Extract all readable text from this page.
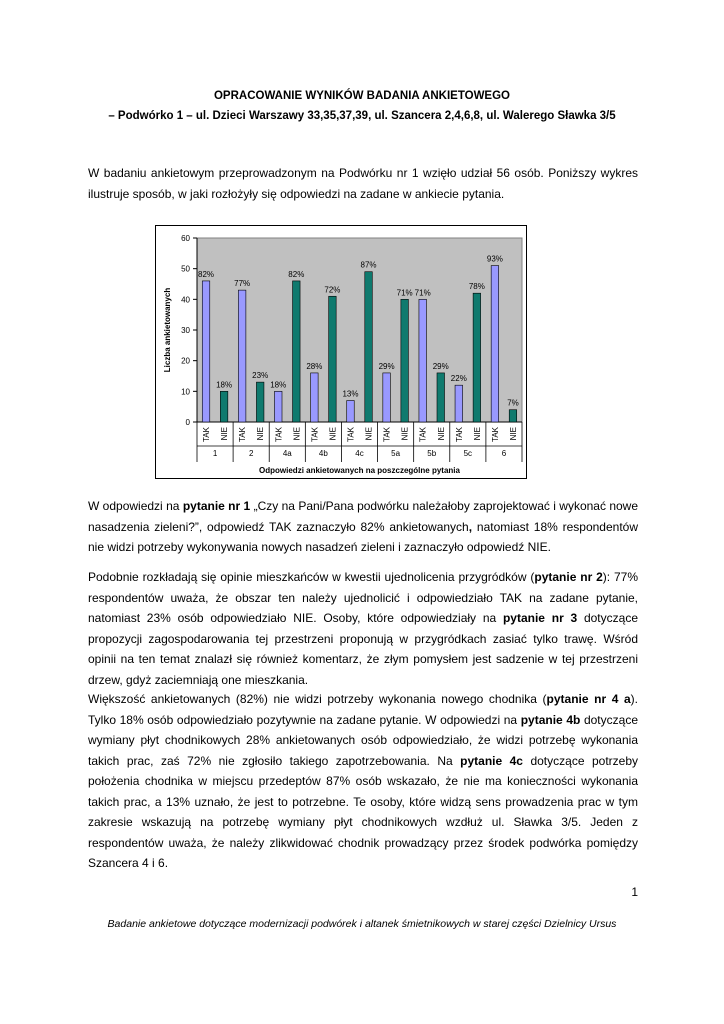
OPRACOWANIE WYNIKÓW BADANIA ANKIETOWEGO
– Podwórko 1 – ul. Dzieci Warszawy 33,35,37,39, ul. Szancera 2,4,6,8, ul. Walerego Sławka 3/5
W badaniu ankietowym przeprowadzonym na Podwórku nr 1 wzięło udział 56 osób. Poniższy wykres ilustruje sposób, w jaki rozłożyły się odpowiedzi na zadane w ankiecie pytania.
0
10
20
30
40
50
60
82%
TAK
18%
NIE
1
77%
TAK
23%
NIE
2
18%
TAK
82%
NIE
4a
28%
TAK
72%
NIE
4b
13%
TAK
87%
NIE
4c
29%
TAK
71%
NIE
5a
71%
TAK
29%
NIE
5b
22%
TAK
78%
NIE
5c
93%
TAK
7%
NIE
6
Odpowiedzi ankietowanych na poszczególne pytania
Liczba ankietowanych
W odpowiedzi na pytanie nr 1 „Czy na Pani/Pana podwórku należałoby zaprojektować i wykonać nowe nasadzenia zieleni?”, odpowiedź TAK zaznaczyło 82% ankietowanych, natomiast 18% respondentów nie widzi potrzeby wykonywania nowych nasadzeń zieleni i zaznaczyło odpowiedź NIE.
Podobnie rozkładają się opinie mieszkańców w kwestii ujednolicenia przygródków (pytanie nr 2): 77% respondentów uważa, że obszar ten należy ujednolicić i odpowiedziało TAK na zadane pytanie, natomiast 23% osób odpowiedziało NIE. Osoby, które odpowiedziały na pytanie nr 3 dotyczące propozycji zagospodarowania tej przestrzeni proponują w przygródkach zasiać tylko trawę. Wśród opinii na ten temat znalazł się również komentarz, że złym pomysłem jest sadzenie w tej przestrzeni drzew, gdyż zaciemniają one mieszkania.
Większość ankietowanych (82%) nie widzi potrzeby wykonania nowego chodnika (pytanie nr 4 a). Tylko 18% osób odpowiedziało pozytywnie na zadane pytanie. W odpowiedzi na pytanie 4b dotyczące wymiany płyt chodnikowych 28% ankietowanych osób odpowiedziało, że widzi potrzebę wykonania takich prac, zaś 72% nie zgłosiło takiego zapotrzebowania. Na pytanie 4c dotyczące potrzeby położenia chodnika w miejscu przedeptów 87% osób wskazało, że nie ma konieczności wykonania takich prac, a 13% uznało, że jest to potrzebne. Te osoby, które widzą sens prowadzenia prac w tym zakresie wskazują na potrzebę wymiany płyt chodnikowych wzdłuż ul. Sławka 3/5. Jeden z respondentów uważa, że należy zlikwidować chodnik prowadzący przez środek podwórka pomiędzy Szancera 4 i 6.
1
Badanie ankietowe dotyczące modernizacji podwórek i altanek śmietnikowych w starej części Dzielnicy Ursus
